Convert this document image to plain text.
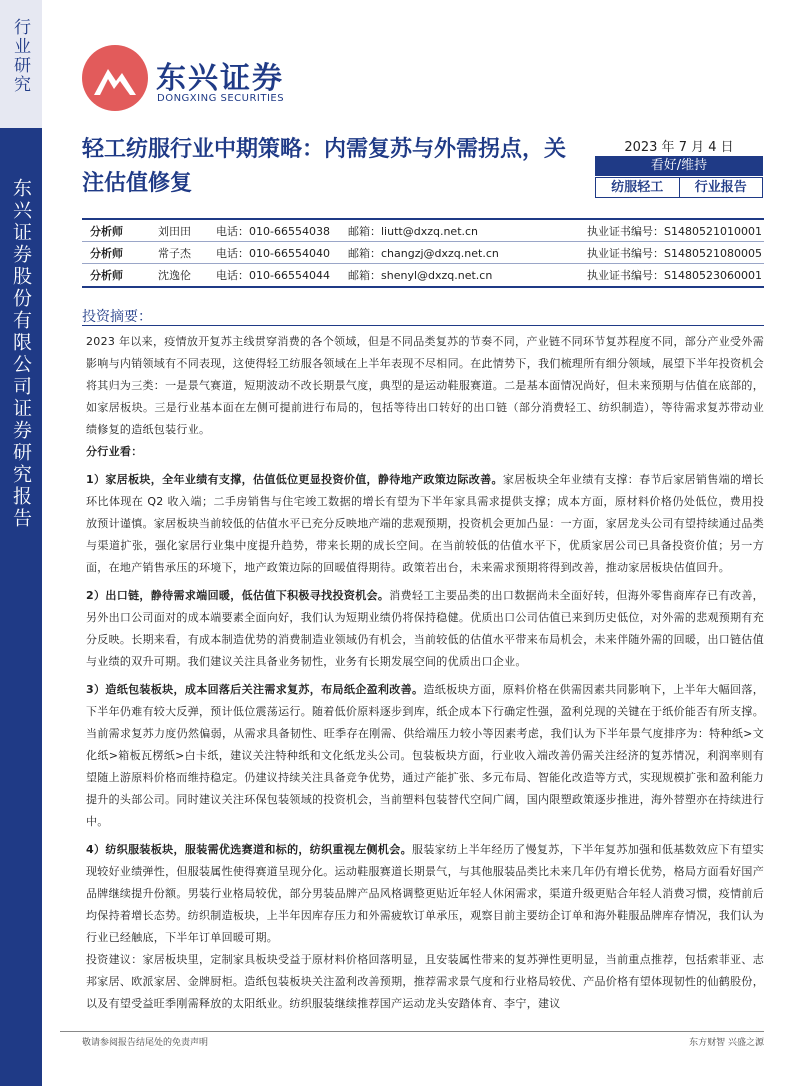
行业研究
东兴证券股份有限公司证券研究报告
东兴证券
DONGXING SECURITIES
轻工纺服行业中期策略：内需复苏与外需拐点，关注估值修复
2023 年 7 月 4 日
看好/维持
纺服轻工	行业报告
分析师	刘田田	电话：010-66554038	邮箱：liutt@dxzq.net.cn	执业证书编号：S1480521010001
分析师	常子杰	电话：010-66554040	邮箱：changzj@dxzq.net.cn	执业证书编号：S1480521080005
分析师	沈逸伦	电话：010-66554044	邮箱：shenyl@dxzq.net.cn	执业证书编号：S1480523060001
投资摘要：

2023 年以来，疫情放开复苏主线贯穿消费的各个领域，但是不同品类复苏的节奏不同，产业链不同环节复苏程度不同，部分产业受外需影响与内销领域有不同表现，这使得轻工纺服各领域在上半年表现不尽相同。在此情势下，我们梳理所有细分领域，展望下半年投资机会将其归为三类：一是景气赛道，短期波动不改长期景气度，典型的是运动鞋服赛道。二是基本面情况尚好，但未来预期与估值在底部的，如家居板块。三是行业基本面在左侧可提前进行布局的，包括等待出口转好的出口链（部分消费轻工、纺织制造），等待需求复苏带动业绩修复的造纸包装行业。

分行业看：

1）家居板块，全年业绩有支撑，估值低位更显投资价值，静待地产政策边际改善。家居板块全年业绩有支撑：春节后家居销售端的增长环比体现在 Q2 收入端；二手房销售与住宅竣工数据的增长有望为下半年家具需求提供支撑；成本方面，原材料价格仍处低位，费用投放预计谨慎。家居板块当前较低的估值水平已充分反映地产端的悲观预期，投资机会更加凸显：一方面，家居龙头公司有望持续通过品类与渠道扩张，强化家居行业集中度提升趋势，带来长期的成长空间。在当前较低的估值水平下，优质家居公司已具备投资价值；另一方面，在地产销售承压的环境下，地产政策边际的回暖值得期待。政策若出台，未来需求预期将得到改善，推动家居板块估值回升。

2）出口链，静待需求端回暖，低估值下积极寻找投资机会。消费轻工主要品类的出口数据尚未全面好转，但海外零售商库存已有改善，另外出口公司面对的成本端要素全面向好，我们认为短期业绩仍将保持稳健。优质出口公司估值已来到历史低位，对外需的悲观预期有充分反映。长期来看，有成本制造优势的消费制造业领域仍有机会，当前较低的估值水平带来布局机会，未来伴随外需的回暖，出口链估值与业绩的双升可期。我们建议关注具备业务韧性，业务有长期发展空间的优质出口企业。

3）造纸包装板块，成本回落后关注需求复苏，布局纸企盈利改善。造纸板块方面，原料价格在供需因素共同影响下，上半年大幅回落，下半年仍难有较大反弹，预计低位震荡运行。随着低价原料逐步到库，纸企成本下行确定性强，盈利兑现的关键在于纸价能否有所支撑。当前需求复苏力度仍然偏弱，从需求具备韧性、旺季存在刚需、供给端压力较小等因素考虑，我们认为下半年景气度排序为：特种纸>文化纸>箱板瓦楞纸>白卡纸，建议关注特种纸和文化纸龙头公司。包装板块方面，行业收入端改善仍需关注经济的复苏情况，利润率则有望随上游原料价格而维持稳定。仍建议持续关注具备竞争优势，通过产能扩张、多元布局、智能化改造等方式，实现规模扩张和盈利能力提升的头部公司。同时建议关注环保包装领域的投资机会，当前塑料包装替代空间广阔，国内限塑政策逐步推进，海外替塑亦在持续进行中。

4）纺织服装板块，服装需优选赛道和标的，纺织重视左侧机会。服装家纺上半年经历了慢复苏，下半年复苏加强和低基数效应下有望实现较好业绩弹性，但服装属性使得赛道呈现分化。运动鞋服赛道长期景气，与其他服装品类比未来几年仍有增长优势，格局方面看好国产品牌继续提升份额。男装行业格局较优，部分男装品牌产品风格调整更贴近年轻人休闲需求，渠道升级更贴合年轻人消费习惯，疫情前后均保持着增长态势。纺织制造板块，上半年因库存压力和外需疲软订单承压，观察目前主要纺企订单和海外鞋服品牌库存情况，我们认为行业已经触底，下半年订单回暖可期。

投资建议：家居板块里，定制家具板块受益于原材料价格回落明显，且安装属性带来的复苏弹性更明显，当前重点推荐，包括索菲亚、志邦家居、欧派家居、金牌厨柜。造纸包装板块关注盈利改善预期，推荐需求景气度和行业格局较优、产品价格有望体现韧性的仙鹤股份，以及有望受益旺季刚需释放的太阳纸业。纺织服装继续推荐国产运动龙头安踏体育、李宁，建议

敬请参阅报告结尾处的免责声明	东方财智 兴盛之源
